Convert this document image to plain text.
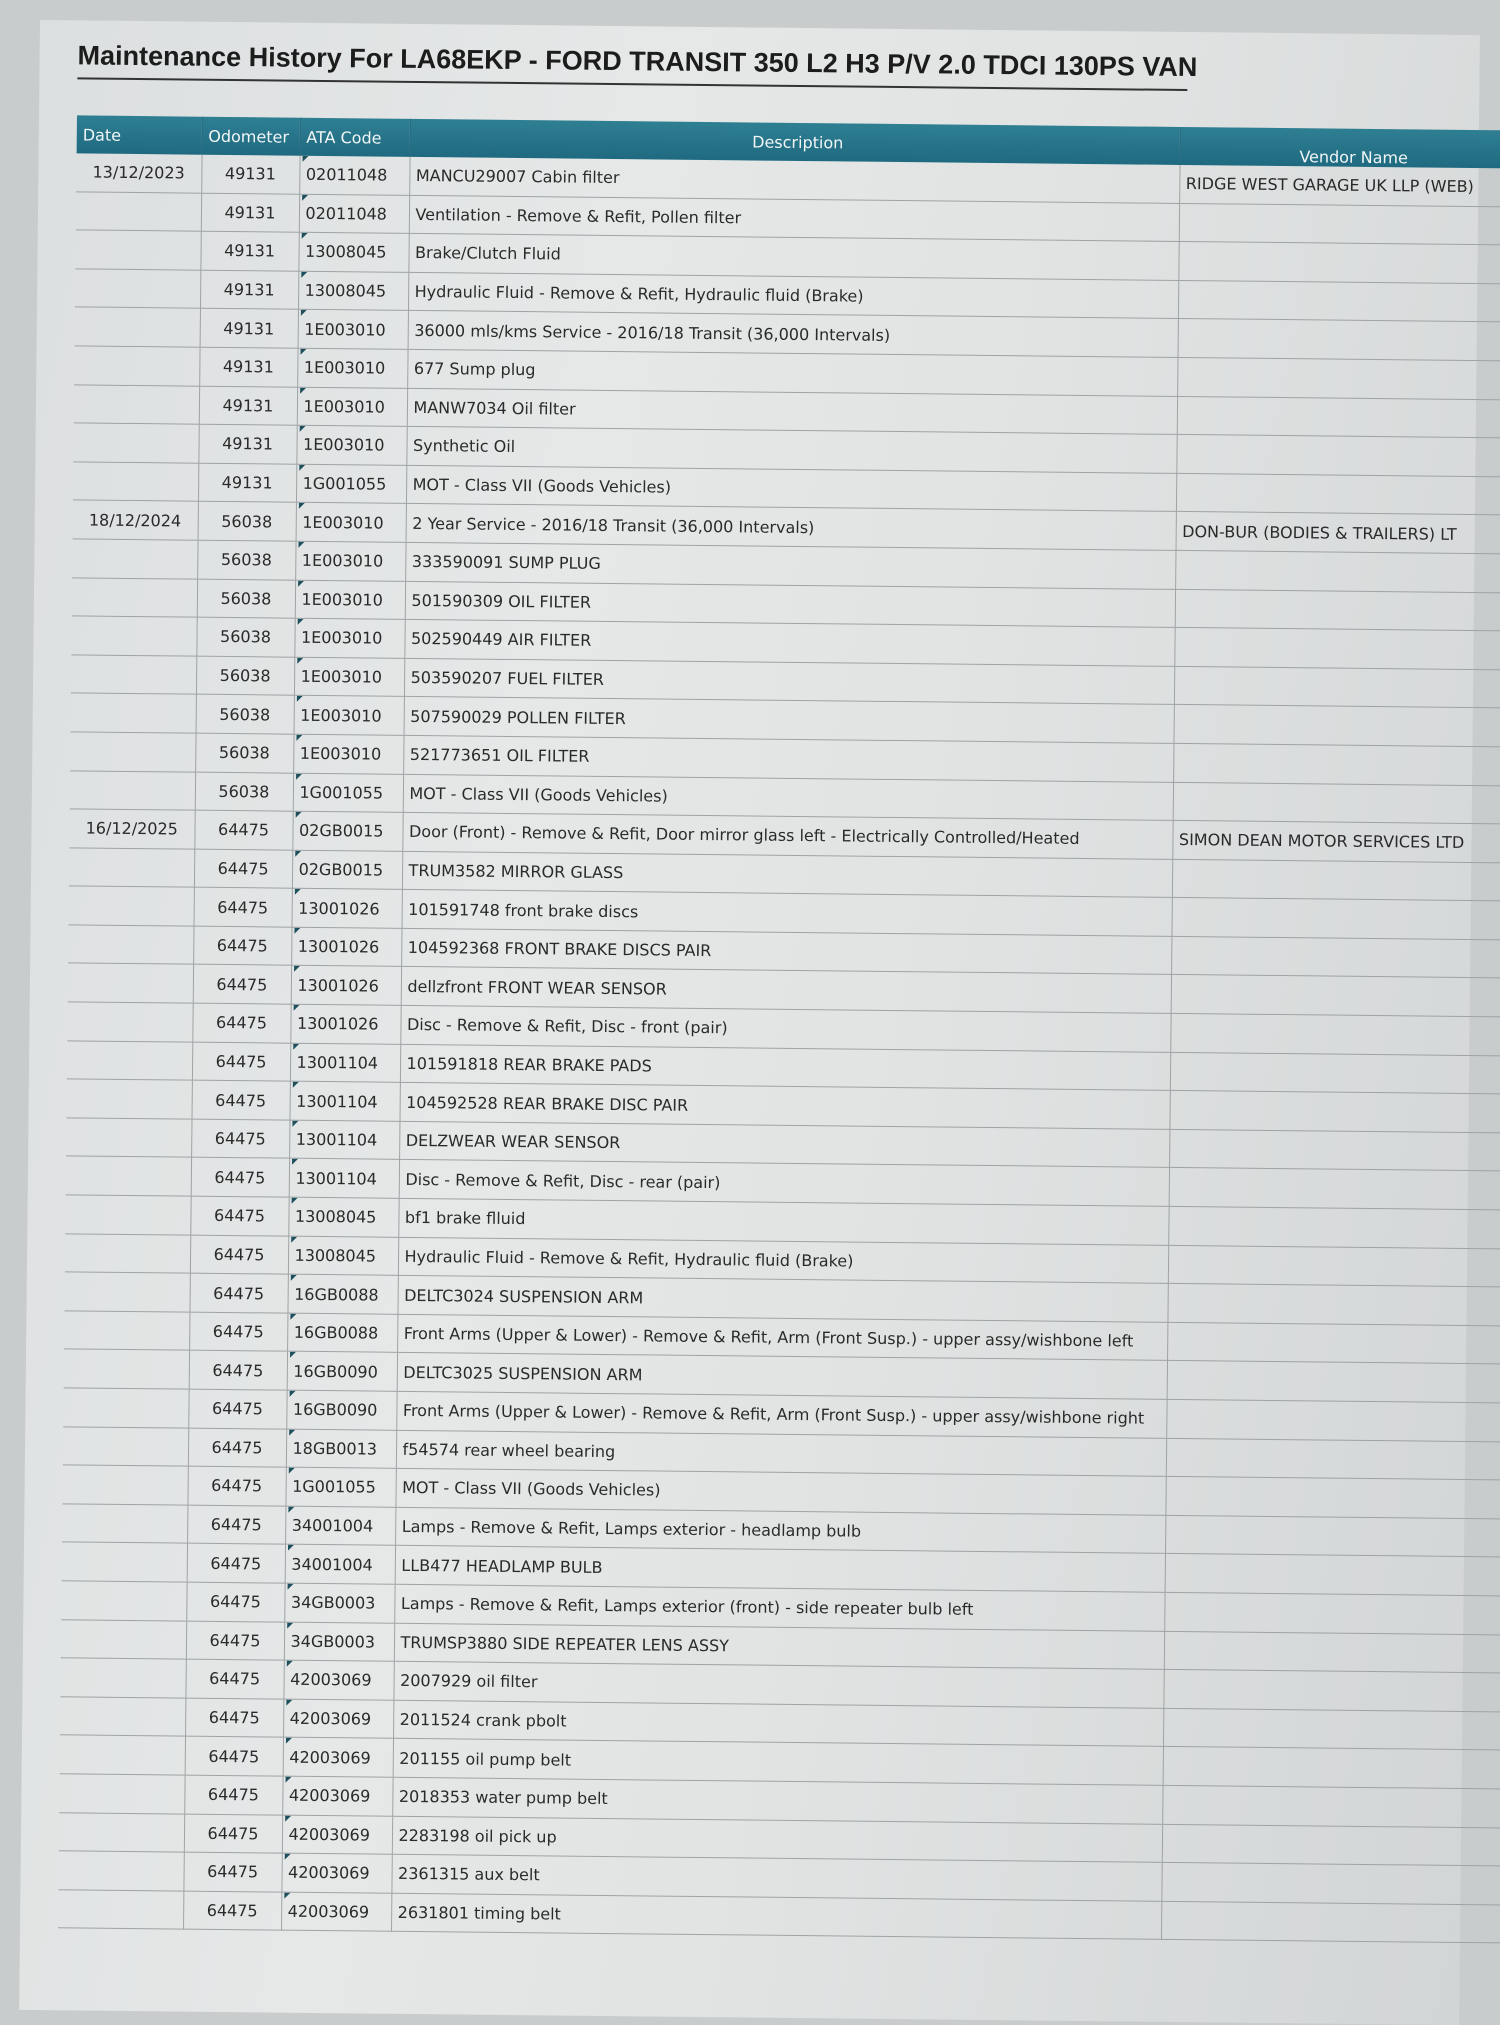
Maintenance History For LA68EKP - FORD TRANSIT 350 L2 H3 P/V 2.0 TDCI 130PS VAN
Date	Odometer	ATA Code	Description	Vendor Name
13/12/2023	49131	02011048	MANCU29007 Cabin filter	RIDGE WEST GARAGE UK LLP (WEB)
	49131	02011048	Ventilation - Remove & Refit, Pollen filter	
	49131	13008045	Brake/Clutch Fluid	
	49131	13008045	Hydraulic Fluid - Remove & Refit, Hydraulic fluid (Brake)	
	49131	1E003010	36000 mls/kms Service - 2016/18 Transit (36,000 Intervals)	
	49131	1E003010	677 Sump plug	
	49131	1E003010	MANW7034 Oil filter	
	49131	1E003010	Synthetic Oil	
	49131	1G001055	MOT - Class VII (Goods Vehicles)	
18/12/2024	56038	1E003010	2 Year Service - 2016/18 Transit (36,000 Intervals)	DON-BUR (BODIES & TRAILERS) LT
	56038	1E003010	333590091 SUMP PLUG	
	56038	1E003010	501590309 OIL FILTER	
	56038	1E003010	502590449 AIR FILTER	
	56038	1E003010	503590207 FUEL FILTER	
	56038	1E003010	507590029 POLLEN FILTER	
	56038	1E003010	521773651 OIL FILTER	
	56038	1G001055	MOT - Class VII (Goods Vehicles)	
16/12/2025	64475	02GB0015	Door (Front) - Remove & Refit, Door mirror glass left - Electrically Controlled/Heated	SIMON DEAN MOTOR SERVICES LTD
	64475	02GB0015	TRUM3582 MIRROR GLASS	
	64475	13001026	101591748 front brake discs	
	64475	13001026	104592368 FRONT BRAKE DISCS PAIR	
	64475	13001026	dellzfront FRONT WEAR SENSOR	
	64475	13001026	Disc - Remove & Refit, Disc - front (pair)	
	64475	13001104	101591818 REAR BRAKE PADS	
	64475	13001104	104592528 REAR BRAKE DISC PAIR	
	64475	13001104	DELZWEAR WEAR SENSOR	
	64475	13001104	Disc - Remove & Refit, Disc - rear (pair)	
	64475	13008045	bf1 brake flluid	
	64475	13008045	Hydraulic Fluid - Remove & Refit, Hydraulic fluid (Brake)	
	64475	16GB0088	DELTC3024 SUSPENSION ARM	
	64475	16GB0088	Front Arms (Upper & Lower) - Remove & Refit, Arm (Front Susp.) - upper assy/wishbone left	
	64475	16GB0090	DELTC3025 SUSPENSION ARM	
	64475	16GB0090	Front Arms (Upper & Lower) - Remove & Refit, Arm (Front Susp.) - upper assy/wishbone right	
	64475	18GB0013	f54574 rear wheel bearing	
	64475	1G001055	MOT - Class VII (Goods Vehicles)	
	64475	34001004	Lamps - Remove & Refit, Lamps exterior - headlamp bulb	
	64475	34001004	LLB477 HEADLAMP BULB	
	64475	34GB0003	Lamps - Remove & Refit, Lamps exterior (front) - side repeater bulb left	
	64475	34GB0003	TRUMSP3880 SIDE REPEATER LENS ASSY	
	64475	42003069	2007929 oil filter	
	64475	42003069	2011524 crank pbolt	
	64475	42003069	201155 oil pump belt	
	64475	42003069	2018353 water pump belt	
	64475	42003069	2283198 oil pick up	
	64475	42003069	2361315 aux belt	
	64475	42003069	2631801 timing belt	
